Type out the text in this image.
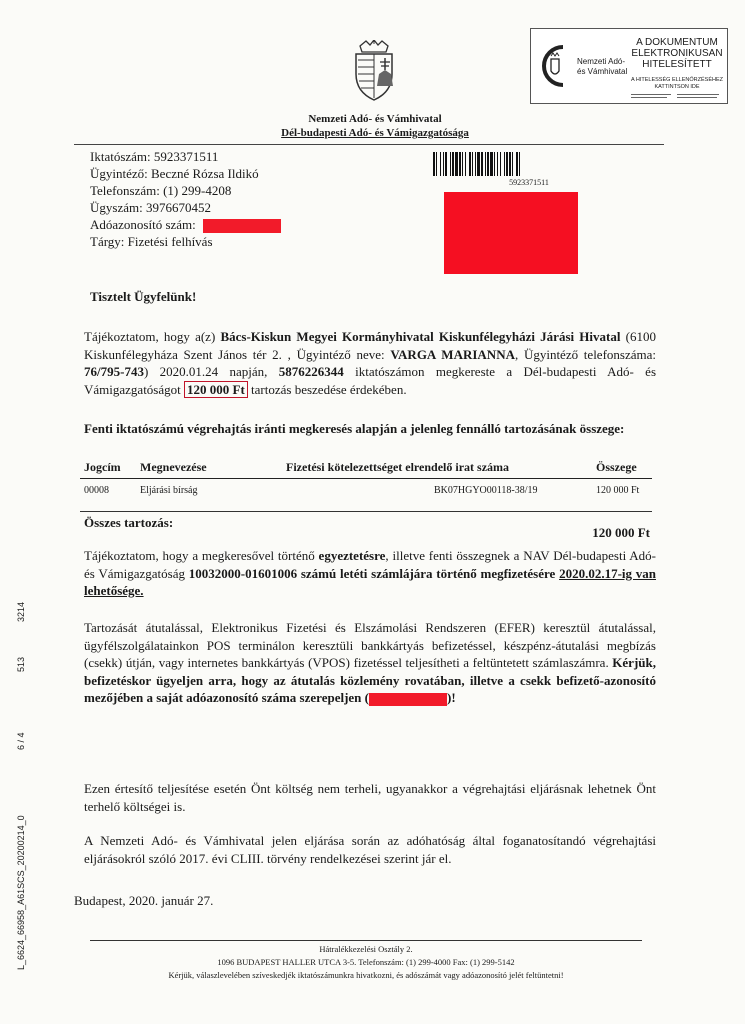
Nemzeti Adó- és Vámhivatal
Dél-budapesti Adó- és Vámigazgatósága
Nemzeti Adó-
és Vámhivatal
A DOKUMENTUM
ELEKTRONIKUSAN
HITELESÍTETT
A HITELESSÉG ELLENŐRZÉSÉHEZ
KATTINTSON IDE
Iktatószám: 5923371511
Ügyintéző: Beczné Rózsa Ildikó
Telefonszám: (1) 299-4208
Ügyszám: 3976670452
Adóazonosító szám:
Tárgy: Fizetési felhívás
5923371511
Tisztelt Ügyfelünk!
Tájékoztatom, hogy a(z) Bács-Kiskun Megyei Kormányhivatal Kiskunfélegyházi Járási Hivatal (6100 Kiskunfélegyháza Szent János tér 2. , Ügyintéző neve: VARGA MARIANNA, Ügyintéző telefonszáma: 76/795-743) 2020.01.24 napján, 5876226344 iktatószámon megkereste a Dél-budapesti Adó- és Vámigazgatóságot 120 000 Ft tartozás beszedése érdekében.
Fenti iktatószámú végrehajtás iránti megkeresés alapján a jelenleg fennálló tartozásának összege:
Jogcím Megnevezése	Fizetési kötelezettséget elrendelő irat száma	Összege
00008	Eljárási bírság	BK07HGYO00118-38/19	120 000 Ft
Összes tartozás:
120 000 Ft
Tájékoztatom, hogy a megkeresővel történő egyeztetésre, illetve fenti összegnek a NAV Dél-budapesti Adó- és Vámigazgatóság 10032000-01601006 számú letéti számlájára történő megfizetésére 2020.02.17-ig van lehetősége.
Tartozását átutalással, Elektronikus Fizetési és Elszámolási Rendszeren (EFER) keresztül átutalással, ügyfélszolgálatainkon POS terminálon keresztüli bankkártyás befizetéssel, készpénz-átutalási megbízás (csekk) útján, vagy internetes bankkártyás (VPOS) fizetéssel teljesítheti a feltüntetett számlaszámra. Kérjük, befizetéskor ügyeljen arra, hogy az átutalás közlemény rovatában, illetve a csekk befizető-azonosító mezőjében a saját adóazonosító száma szerepeljen (	)!
Ezen értesítő teljesítése esetén Önt költség nem terheli, ugyanakkor a végrehajtási eljárásnak lehetnek Önt terhelő költségei is.
A Nemzeti Adó- és Vámhivatal jelen eljárása során az adóhatóság által foganatosítandó végrehajtási eljárásokról szóló 2017. évi CLIII. törvény rendelkezései szerint jár el.
Budapest, 2020. január 27.
Hátralékkezelési Osztály 2.
1096 BUDAPEST HALLER UTCA 3-5. Telefonszám: (1) 299-4000 Fax: (1) 299-5142
Kérjük, válaszlevelében szíveskedjék iktatószámunkra hivatkozni, és adószámát vagy adóazonosító jelét feltüntetni!
L_6624_66958_A61SCS_20200214_0
6 / 4
513
3214
